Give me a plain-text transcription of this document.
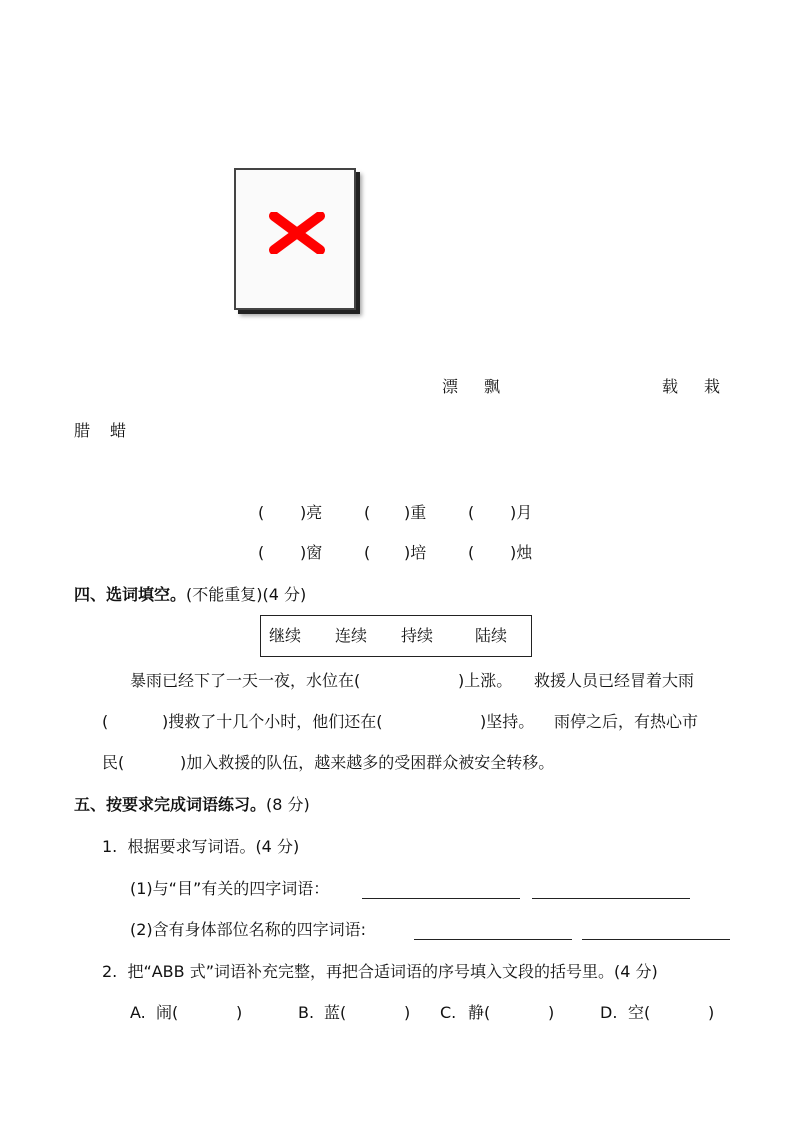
漂 飘	载 栽
腊 蜡
( )亮	( )重	( )月
( )窗	( )培	( )烛
四、选词填空。(不能重复)(4 分)
继续 连续 持续	陆续
暴雨已经下了一天一夜，水位在(	)上涨。 救援人员已经冒着大雨
(	)搜救了十几个小时，他们还在(	)坚持。 雨停之后，有热心市
民(	)加入救援的队伍，越来越多的受困群众被安全转移。
五、按要求完成词语练习。(8 分)
1. 根据要求写词语。(4 分)
(1)与“目”有关的四字词语：
(2)含有身体部位名称的四字词语:
2. 把“ABB 式”词语补充完整，再把合适词语的序号填入文段的括号里。(4 分)
A. 闹(	)	B. 蓝(	) C. 静(	)	D. 空(	)
